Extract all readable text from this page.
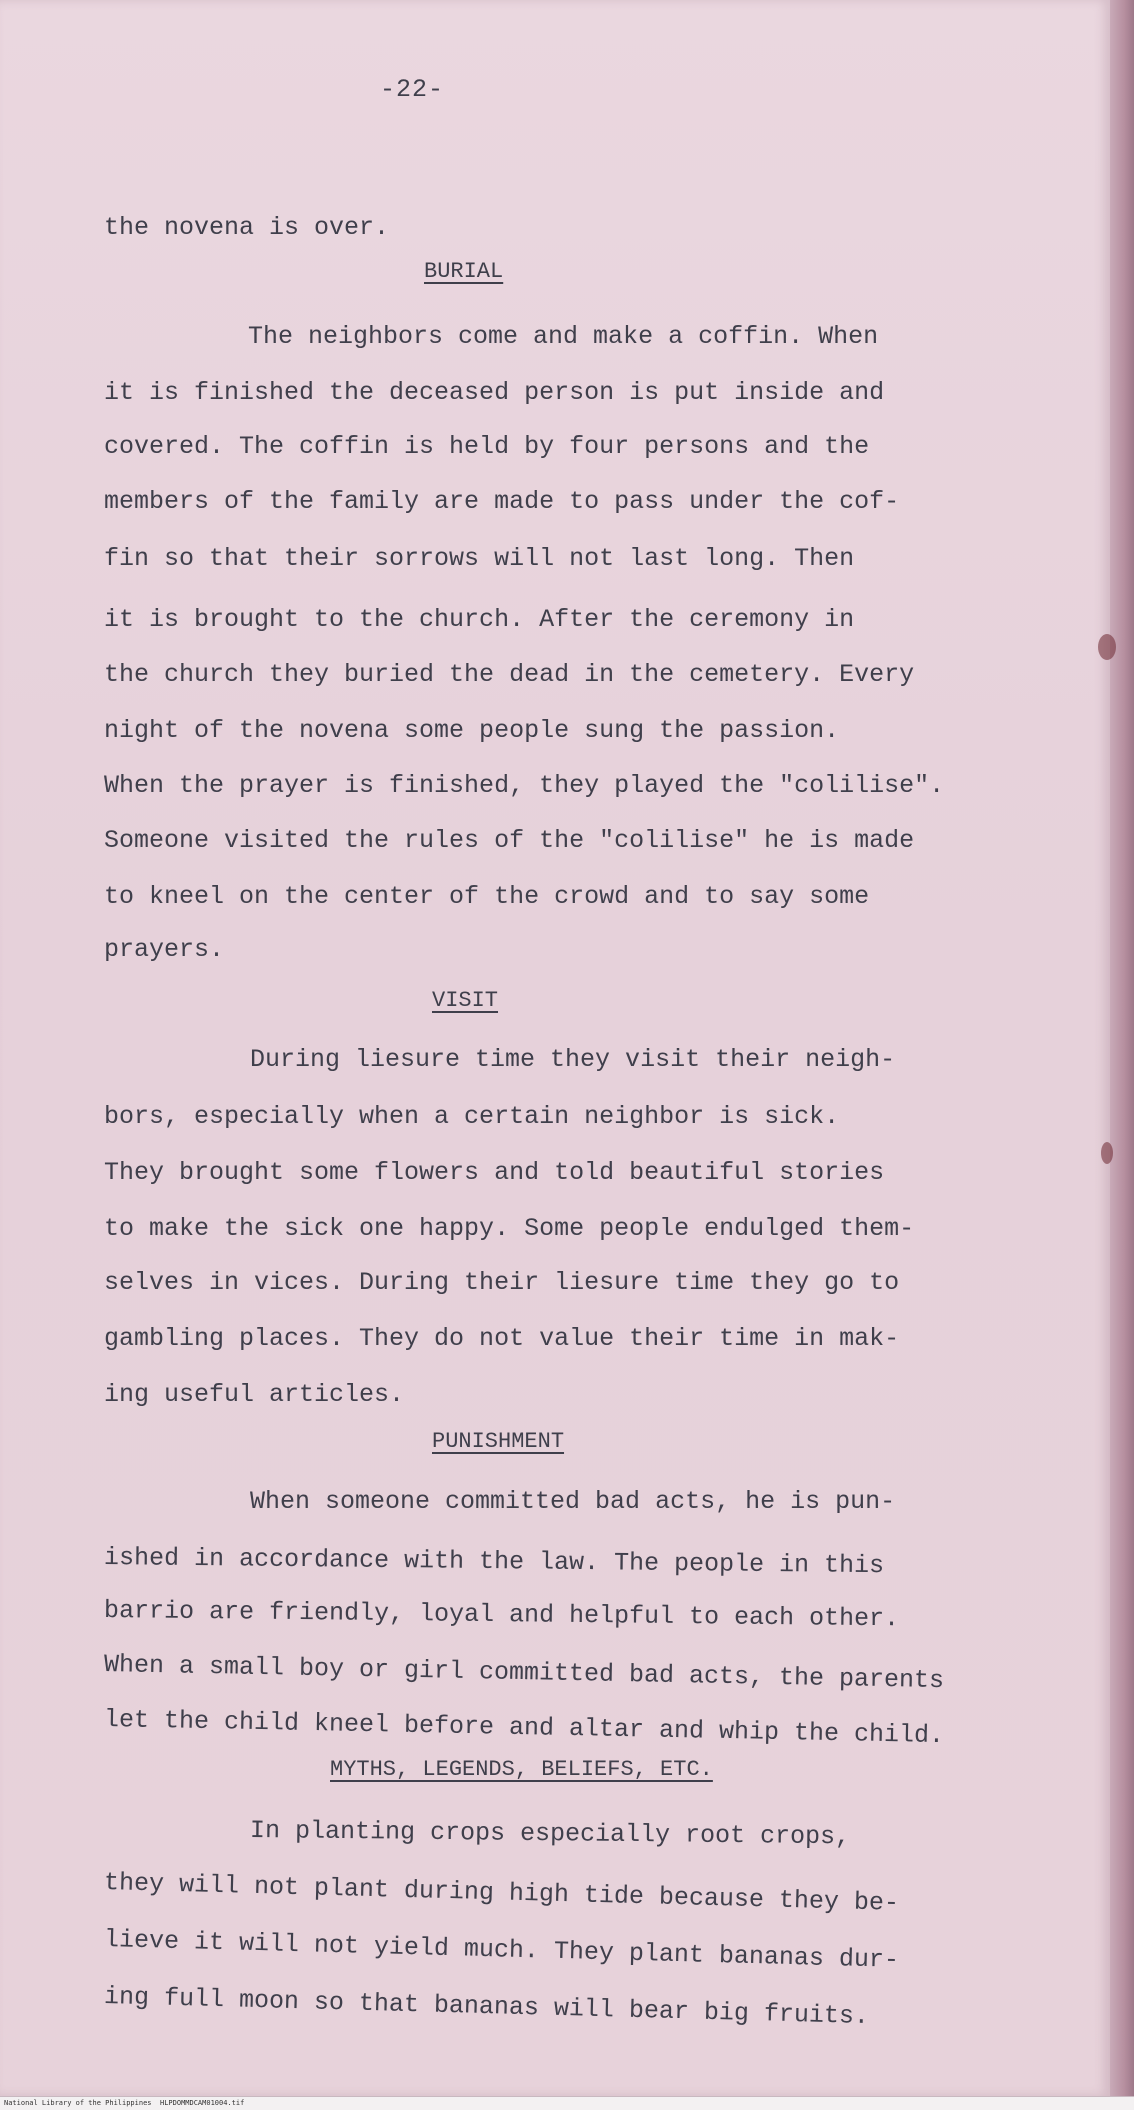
-22-
the novena is over.
BURIAL
The neighbors come and make a coffin. When
it is finished the deceased person is put inside and
covered. The coffin is held by four persons and the
members of the family are made to pass under the cof-
fin so that their sorrows will not last long. Then
it is brought to the church. After the ceremony in
the church they buried the dead in the cemetery. Every
night of the novena some people sung the passion.
When the prayer is finished, they played the "colilise".
Someone visited the rules of the "colilise" he is made
to kneel on the center of the crowd and to say some
prayers.
VISIT
During liesure time they visit their neigh-
bors, especially when a certain neighbor is sick.
They brought some flowers and told beautiful stories
to make the sick one happy. Some people endulged them-
selves in vices. During their liesure time they go to
gambling places. They do not value their time in mak-
ing useful articles.
PUNISHMENT
When someone committed bad acts, he is pun-
ished in accordance with the law. The people in this
barrio are friendly, loyal and helpful to each other.
When a small boy or girl committed bad acts, the parents
let the child kneel before and altar and whip the child.
MYTHS, LEGENDS, BELIEFS, ETC.
In planting crops especially root crops,
they will not plant during high tide because they be-
lieve it will not yield much. They plant bananas dur-
ing full moon so that bananas will bear big fruits.
National Library of the Philippines HLPDOMMDCAM01004.tif
